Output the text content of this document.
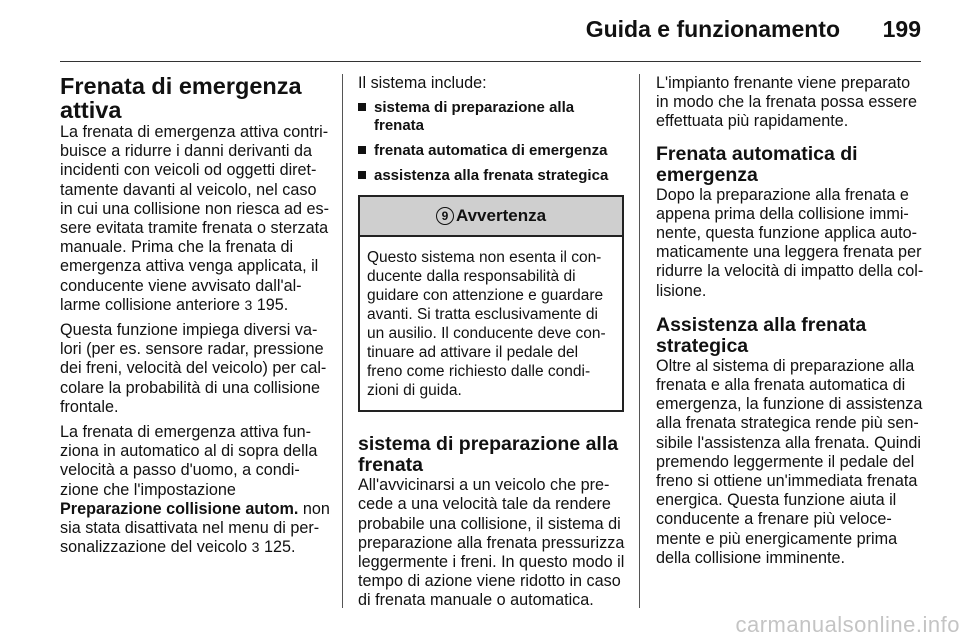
Guida e funzionamento 199
Frenata di emergenza
attiva

La frenata di emergenza attiva contri-
buisce a ridurre i danni derivanti da
incidenti con veicoli od oggetti diret-
tamente davanti al veicolo, nel caso
in cui una collisione non riesca ad es-
sere evitata tramite frenata o sterzata
manuale. Prima che la frenata di
emergenza attiva venga applicata, il
conducente viene avvisato dall'al-
larme collisione anteriore 3 195.

Questa funzione impiega diversi va-
lori (per es. sensore radar, pressione
dei freni, velocità del veicolo) per cal-
colare la probabilità di una collisione
frontale.

La frenata di emergenza attiva fun-
ziona in automatico al di sopra della
velocità a passo d'uomo, a condi-
zione che l'impostazione
Preparazione collisione autom. non
sia stata disattivata nel menu di per-
sonalizzazione del veicolo 3 125.

Il sistema include:
sistema di preparazione alla
frenata
frenata automatica di emergenza
assistenza alla frenata strategica
9 Avvertenza
Questo sistema non esenta il con-
ducente dalla responsabilità di
guidare con attenzione e guardare
avanti. Si tratta esclusivamente di
un ausilio. Il conducente deve con-
tinuare ad attivare il pedale del
freno come richiesto dalle condi-
zioni di guida.
sistema di preparazione alla
frenata

All'avvicinarsi a un veicolo che pre-
cede a una velocità tale da rendere
probabile una collisione, il sistema di
preparazione alla frenata pressurizza
leggermente i freni. In questo modo il
tempo di azione viene ridotto in caso
di frenata manuale o automatica.

L'impianto frenante viene preparato
in modo che la frenata possa essere
effettuata più rapidamente.

Frenata automatica di
emergenza

Dopo la preparazione alla frenata e
appena prima della collisione immi-
nente, questa funzione applica auto-
maticamente una leggera frenata per
ridurre la velocità di impatto della col-
lisione.

Assistenza alla frenata
strategica

Oltre al sistema di preparazione alla
frenata e alla frenata automatica di
emergenza, la funzione di assistenza
alla frenata strategica rende più sen-
sibile l'assistenza alla frenata. Quindi
premendo leggermente il pedale del
freno si ottiene un'immediata frenata
energica. Questa funzione aiuta il
conducente a frenare più veloce-
mente e più energicamente prima
della collisione imminente.

carmanualsonline.info
